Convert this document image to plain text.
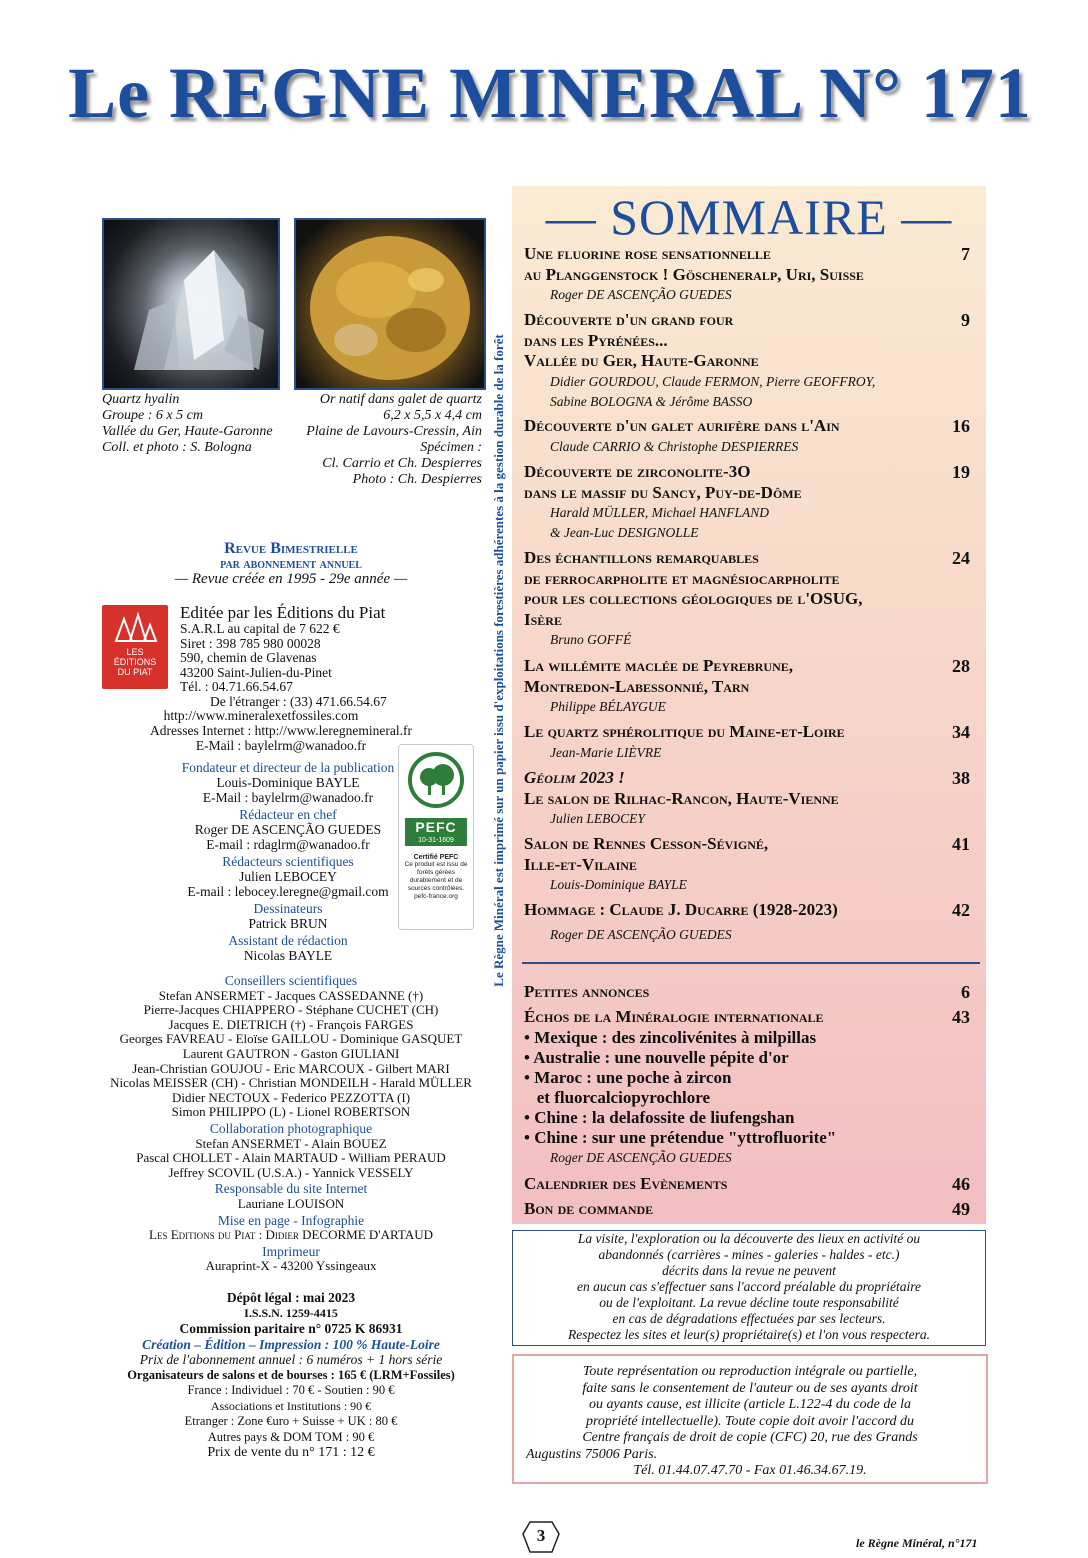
Le REGNE MINERAL N° 171
Quartz hyalin
Groupe : 6 x 5 cm
Vallée du Ger, Haute-Garonne
Coll. et photo : S. Bologna
Or natif dans galet de quartz
6,2 x 5,5 x 4,4 cm
Plaine de Lavours-Cressin, Ain
Spécimen :
Cl. Carrio et Ch. Despierres
Photo : Ch. Despierres Le Règne Minéral est imprimé sur un papier issu d'exploitations forestières adhérentes à la gestion durable de la forêt
Revue Bimestrielle
par abonnement annuel
— Revue créée en 1995 - 29e année —
LES
ÉDITIONS
DU PIAT
Editée par les Éditions du Piat
S.A.R.L au capital de 7 622 €
Siret : 398 785 980 00028
590, chemin de Glavenas
43200 Saint-Julien-du-Pinet
Tél. : 04.71.66.54.67
De l'étranger : (33) 471.66.54.67
http://www.mineralexetfossiles.com
Adresses Internet : http://www.leregnemineral.fr
E-Mail : baylelrm@wanadoo.fr
Fondateur et directeur de la publication
Louis-Dominique BAYLE
E-Mail : baylelrm@wanadoo.fr
Rédacteur en chef
Roger DE ASCENÇÃO GUEDES
E-mail : rdaglrm@wanadoo.fr
Rédacteurs scientifiques
Julien LEBOCEY
E-mail : lebocey.leregne@gmail.com
Dessinateurs
Patrick BRUN
Assistant de rédaction
Nicolas BAYLE
Conseillers scientifiques
Stefan ANSERMET - Jacques CASSEDANNE (†)
Pierre-Jacques CHIAPPERO - Stéphane CUCHET (CH)
Jacques E. DIETRICH (†) - François FARGES
Georges FAVREAU - Eloïse GAILLOU - Dominique GASQUET
Laurent GAUTRON - Gaston GIULIANI
Jean-Christian GOUJOU - Eric MARCOUX - Gilbert MARI
Nicolas MEISSER (CH) - Christian MONDEILH - Harald MÜLLER
Didier NECTOUX - Federico PEZZOTTA (I)
Simon PHILIPPO (L) - Lionel ROBERTSON
Collaboration photographique
Stefan ANSERMET - Alain BOUEZ
Pascal CHOLLET - Alain MARTAUD - William PERAUD
Jeffrey SCOVIL (U.S.A.) - Yannick VESSELY
Responsable du site Internet
Lauriane LOUISON
Mise en page - Infographie
Les Editions du Piat : Didier DECORME D'ARTAUD
Imprimeur
Auraprint-X - 43200 Yssingeaux
Dépôt légal : mai 2023
I.S.S.N. 1259-4415
Commission paritaire n° 0725 K 86931
Création – Édition – Impression : 100 % Haute-Loire
Prix de l'abonnement annuel : 6 numéros + 1 hors série
Organisateurs de salons et de bourses : 165 € (LRM+Fossiles)
France : Individuel : 70 € - Soutien : 90 €
Associations et Institutions : 90 €
Etranger : Zone €uro + Suisse + UK : 80 €
Autres pays & DOM TOM : 90 €
Prix de vente du n° 171 : 12 €
PEFC
10-31-1609
Certifié PEFC
Ce produit est issu de forêts gérées durablement et de sources contrôlées.
pefc-france.org
— SOMMAIRE —
Une fluorine rose sensationnelle
au Planggenstock ! Göscheneralp, Uri, Suisse
7
Roger DE ASCENÇÃO GUEDES
Découverte d'un grand four
dans les Pyrénées...
Vallée du Ger, Haute-Garonne
9
Didier GOURDOU, Claude FERMON, Pierre GEOFFROY,
Sabine BOLOGNA & Jérôme BASSO
Découverte d'un galet aurifère dans l'Ain	16
Claude CARRIO & Christophe DESPIERRES
Découverte de zirconolite-3O
dans le massif du Sancy, Puy-de-Dôme
19
Harald MÜLLER, Michael HANFLAND
& Jean-Luc DESIGNOLLE
Des échantillons remarquables
de ferrocarpholite et magnésiocarpholite
pour les collections géologiques de l'OSUG,
Isère
24
Bruno GOFFÉ
La willémite maclée de Peyrebrune,
Montredon-Labessonnié, Tarn
28
Philippe BÉLAYGUE
Le quartz sphérolitique du Maine-et-Loire	34
Jean-Marie LIÈVRE
Géolim 2023 !
Le salon de Rilhac-Rancon, Haute-Vienne
38
Julien LEBOCEY
Salon de Rennes Cesson-Sévigné,
Ille-et-Vilaine
41
Louis-Dominique BAYLE
Hommage : Claude J. Ducarre (1928-2023)	42
Roger DE ASCENÇÃO GUEDES
Petites annonces	6
Échos de la Minéralogie internationale	43
• Mexique : des zincolivénites à milpillas
• Australie : une nouvelle pépite d'or
• Maroc : une poche à zircon
et fluorcalciopyrochlore
• Chine : la delafossite de liufengshan
• Chine : sur une prétendue "yttrofluorite"
Roger DE ASCENÇÃO GUEDES
Calendrier des Evènements	46
Bon de commande	49
La visite, l'exploration ou la découverte des lieux en activité ou
abandonnés (carrières - mines - galeries - haldes - etc.)
décrits dans la revue ne peuvent
en aucun cas s'effectuer sans l'accord préalable du propriétaire
ou de l'exploitant. La revue décline toute responsabilité
en cas de dégradations effectuées par ses lecteurs.
Respectez les sites et leur(s) propriétaire(s) et l'on vous respectera.
Toute représentation ou reproduction intégrale ou partielle,
faite sans le consentement de l'auteur ou de ses ayants droit
ou ayants cause, est illicite (article L.122-4 du code de la
propriété intellectuelle). Toute copie doit avoir l'accord du
Centre français de droit de copie (CFC) 20, rue des Grands
Augustins 75006 Paris.
Tél. 01.44.07.47.70 - Fax 01.46.34.67.19.
3	le Règne Minéral, n°171
